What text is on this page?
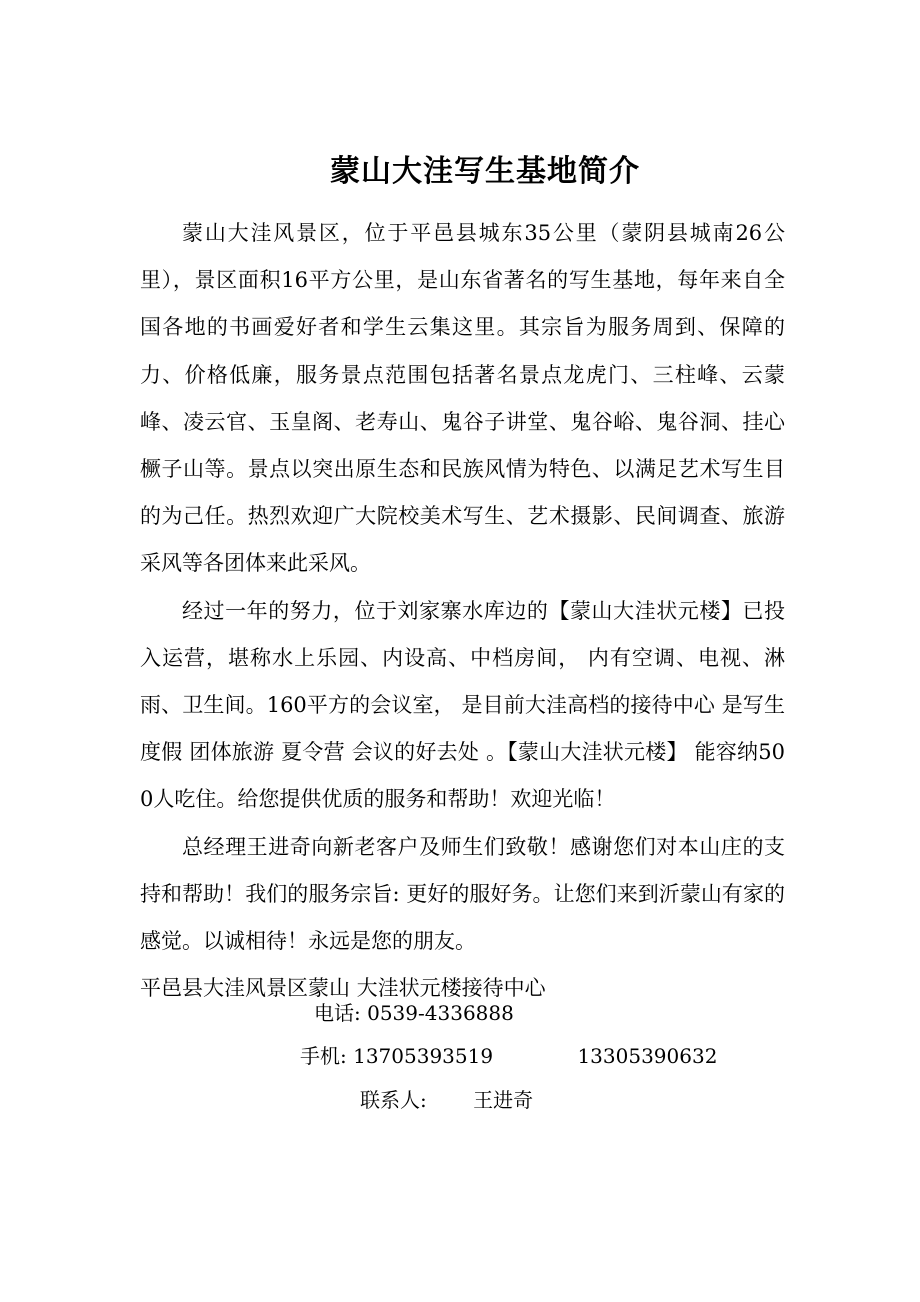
蒙山大洼写生基地简介

蒙山大洼风景区，位于平邑县城东35公里（蒙阴县城南26公里），景区面积16平方公里，是山东省著名的写生基地，每年来自全国各地的书画爱好者和学生云集这里。其宗旨为服务周到、保障的力、价格低廉，服务景点范围包括著名景点龙虎门、三柱峰、云蒙峰、凌云官、玉皇阁、老寿山、鬼谷子讲堂、鬼谷峪、鬼谷洞、挂心橛子山等。景点以突出原生态和民族风情为特色、以满足艺术写生目的为己任。热烈欢迎广大院校美术写生、艺术摄影、民间调查、旅游采风等各团体来此采风。

经过一年的努力，位于刘家寨水库边的【蒙山大洼状元楼】已投入运营，堪称水上乐园、内设高、中档房间， 内有空调、电视、淋雨、卫生间。160平方的会议室， 是目前大洼高档的接待中心 是写生 度假 团体旅游 夏令营 会议的好去处 。【蒙山大洼状元楼】 能容纳500人吃住。给您提供优质的服务和帮助！欢迎光临！

总经理王进奇向新老客户及师生们致敬！感谢您们对本山庄的支持和帮助！我们的服务宗旨: 更好的服好务。让您们来到沂蒙山有家的感觉。以诚相待！永远是您的朋友。

平邑县大洼风景区蒙山 大洼状元楼接待中心

电话: 0539-4336888
手机: 13705393519	13305390632
联系人: 王进奇
